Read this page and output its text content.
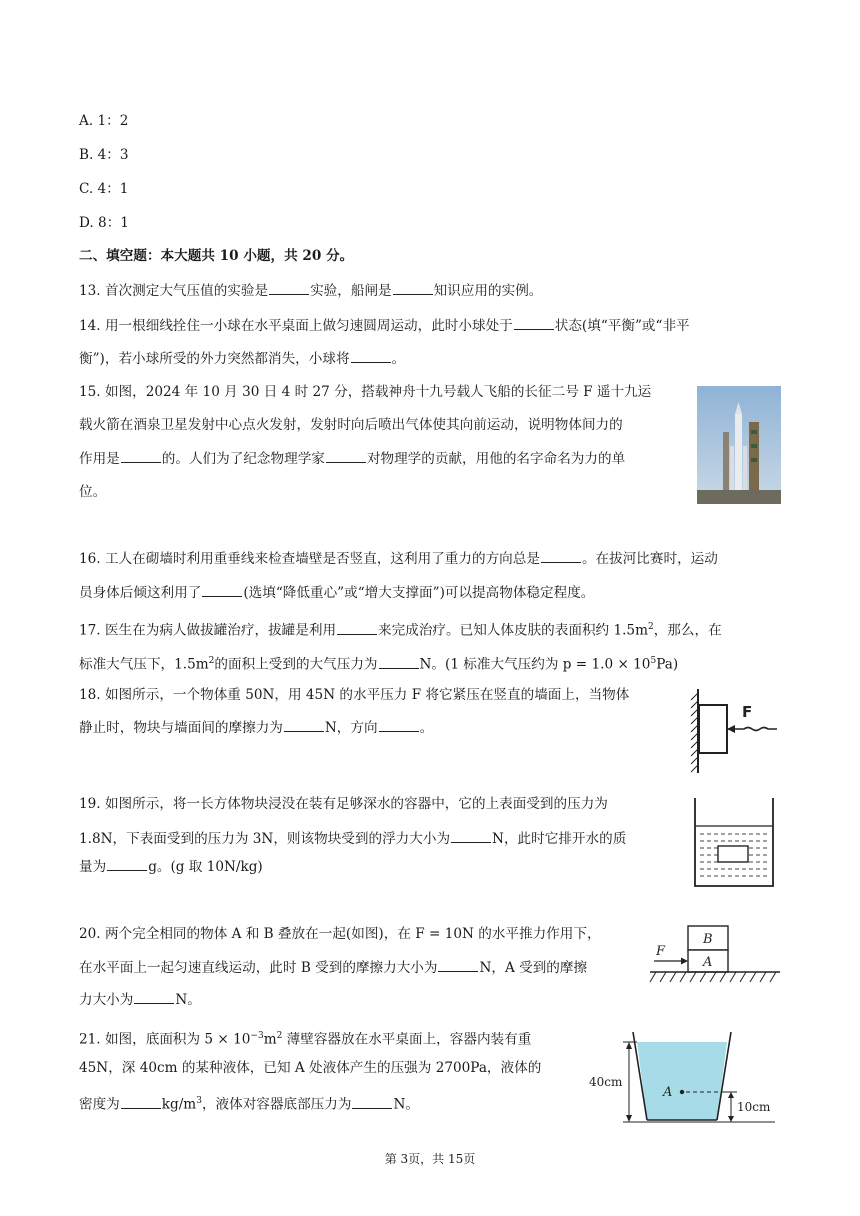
A. 1：2
B. 4：3
C. 4：1
D. 8：1
二、填空题：本大题共 10 小题，共 20 分。
13. 首次测定大气压值的实验是	实验，船闸是	知识应用的实例。
14. 用一根细线拴住一小球在水平桌面上做匀速圆周运动，此时小球处于	状态(填“平衡”或“非平
衡”)，若小球所受的外力突然都消失，小球将	。
15. 如图，2024 年 10 月 30 日 4 时 27 分，搭载神舟十九号载人飞船的长征二号 F 遥十九运
载火箭在酒泉卫星发射中心点火发射，发射时向后喷出气体使其向前运动，说明物体间力的
作用是	的。人们为了纪念物理学家	对物理学的贡献，用他的名字命名为力的单
位。
16. 工人在砌墙时利用重垂线来检查墙壁是否竖直，这利用了重力的方向总是	。在拔河比赛时，运动
员身体后倾这利用了	(选填“降低重心”或“增大支撑面”)可以提高物体稳定程度。
17. 医生在为病人做拔罐治疗，拔罐是利用	来完成治疗。已知人体皮肤的表面积约 $1.5m^2$，那么，在
标准大气压下，$1.5m^2$的面积上受到的大气压力为	N。(1 标准大气压约为 $p = 1.0 \times 10^5Pa$)
18. 如图所示，一个物体重 50N，用 45N 的水平压力 F 将它紧压在竖直的墙面上，当物体
静止时，物块与墙面间的摩擦力为	N，方向	。
F
19. 如图所示，将一长方体物块浸没在装有足够深水的容器中，它的上表面受到的压力为
1.8N，下表面受到的压力为 3N，则该物块受到的浮力大小为	N，此时它排开水的质
量为	g。(g 取 10N/kg)
20. 两个完全相同的物体 A 和 B 叠放在一起(如图)，在 F = 10N 的水平推力作用下，
在水平面上一起匀速直线运动，此时 B 受到的摩擦力大小为	N，A 受到的摩擦
力大小为	N。
F
B
A
21. 如图，底面积为 $5 \times 10^{-3}m^2$ 薄壁容器放在水平桌面上，容器内装有重
45N，深 40cm 的某种液体，已知 A 处液体产生的压强为 2700Pa，液体的
密度为	$kg/m^3$，液体对容器底部压力为	N。
40cm
A
10cm
第 3页，共 15页
